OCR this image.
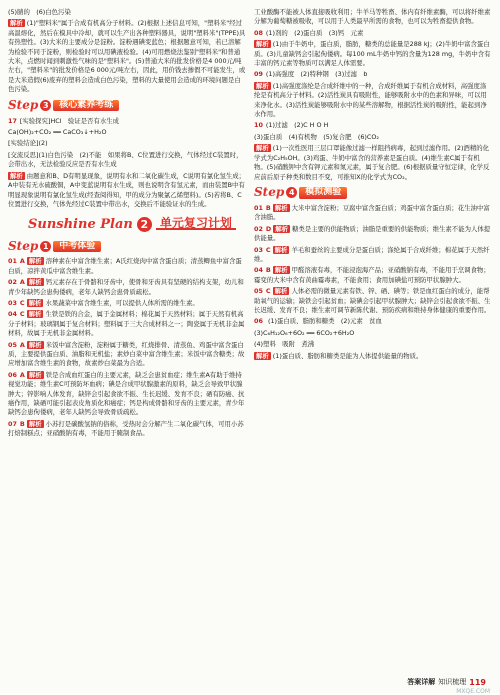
(5)腈的　(6)白色污染

解析 (1)"塑料米"属于合成有机高分子材料。(2)根据上述信息可知，"塑料米"经过高温熔化，然后在模具中冷却，就可以生产出各种塑料器具，说明"塑料米"(TPPE)具有热塑性。(3)大米的主要成分是淀粉。淀粉遇碘变蓝色；根据题意可知，若已溶解为检验不同于淀粉，则检验时可以用碘液检验。(4)可用燃烧法鉴别"塑料米"和普通大米，点燃时闻到刺激性气味的是"塑料米"。(5)普通大米的批发价格是4 000元/吨左右，"塑料米"的批发价格是6 000元/吨左右，因此，用价钱去掺假不可能发生，或是大米造假(6)废弃的塑料会造成白色污染，塑料的大量使用会造成的环境问题是白色污染。

Step 3	核心素养考练

17 [实验探究]HCl　验证是否有水生成

Ca(OH)₂+CO₂ ══ CaCO₃↓+H₂O

[实验结论](2)

[交流反思](1)白色污染　(2)不能　如果将B、C位置进行交换，气体经过C装置时，会带出水，无法检验反应是否有水生成

解析 由题意和B、D有明显现象，说明有水和二氧化碳生成，C说明有氯化氢生成；A中装有无水硫酸铜，A中变蓝说明有水生成，则也说明含有氢元素，而由装置B中有明显现象说明有氯化氢生成(经查阅得知，甲的成分为聚氯乙烯塑料)。(5)若将B、C位置进行交换，气体先经过C装置中带出水，交换后不能验证水的生成。

Sunshine Plan 2 单元复习计划
Step 1	中考体验

01 A 解析 溶种素在中富含维生素；A氏红烧肉中富含蛋白质；清蒸鲫鱼中富含蛋白质，凉拌黄瓜中富含维生素。

02 A 解析 钙元素存在于骨骼和牙齿中，使骨和牙齿具有坚硬的结构支架，幼儿和青少年缺钙会患佝偻病，老年人缺钙会患骨质疏松。

03 C 解析 水果蔬菜中富含维生素，可以提供人体所需的维生素。

04 C 解析 生铁是铁的合金，属于金属材料；棉花属于天然材料；属于天然有机高分子材料；玻璃钢属于复合材料；塑料属于三大合成材料之一；陶瓷属于无机非金属材料，故属于无机非金属材料。

05 A 解析 米饭中富含淀粉，淀粉属于糖类，红烧排骨、清蒸鱼、鸡蛋中富含蛋白质，主要提供蛋白质、油脂和无机盐；素炒白菜中富含维生素；米饭中富含糖类；故应增加富含维生素的食物，故素炒白菜最为合适。

06 A 解析 铁是合成血红蛋白的主要元素，缺乏会患贫血症；维生素A有助于维持视觉功能；维生素C可预防坏血病；碘是合成甲状腺激素的原料，缺乏会导致甲状腺肿大；锌影响人体发育，缺锌会引起食欲不振、生长迟缓、发育不良；硒有防癌、抗癌作用，缺硒可能引起表皮角质化和癌症；钙是构成骨骼和牙齿的主要元素，青少年缺钙会患佝偻病，老年人缺钙会导致骨质疏松。

07 B 解析 小苏打是碳酸氢钠的俗称，受热时会分解产生二氧化碳气体，可用小苏打焙制糕点；亚硝酸钠有毒，不能用于腌制食品。

工业酸酶不能被人体直接吸收利用；牛羊马等牲畜、体内有纤维素酶，可以将纤维素分解为葡萄糖被吸收，可以用于人类最早所需的食物，也可以为牲畜提供食物。

08 (1)剂的　(2)蛋白质　(3)钙　元素

解析 (1)由于牛奶中，蛋白质，脂肪，糖类的总能量是288 kJ；(2)牛奶中富含蛋白质。(3)儿童缺钙会引起佝偻病。每100 mL牛奶中钙的含量为128 mg，牛奶中含有丰富的钙元素等物质可以满足人体需要。

09 (1)高强度　(2)特种钢　(3)过滤　b

解析 (1)高强度涤纶是合成纤维中的一种，合成纤维属于有机合成材料，高强度涤纶是有机高分子材料。(2)活性炭具有吸附性，能够吸附水中的色素和异味，可以用来净化水。(3)活性炭能够吸附水中的某些溶解物，根据活性炭的吸附性，能起到净水作用。

10 (1)过滤　(2)C H O H

(3)蛋白质　(4)有机物　(5)复合肥　(6)CO₂

解析 (1)一次性医用三层口罩能像过滤一样阻挡病毒，起到过滤作用。(2)酒精的化学式为C₂H₅OH。(3)鸡蛋、牛奶中富含的营养素是蛋白质。(4)维生素C属于有机物。(5)硝酸钾中含有钾元素和氮元素，属于复合肥。(6)根据质量守恒定律，化学反应前后原子种类和数目不变，可推知X的化学式为CO₂。

Step 4	模拟测验

01 B 解析 大米中富含淀粉；豆腐中富含蛋白质；鸡蛋中富含蛋白质；花生油中富含油脂。

02 D 解析 糖类是主要的供能物质；油脂是重要的供能物质；维生素不能为人体提供能量。

03 C 解析 羊毛和蚕丝的主要成分是蛋白质；涤纶属于合成纤维；棉花属于天然纤维。

04 B 解析 甲醛溶液有毒，不能浸泡海产品；亚硝酸钠有毒，不能用于烹调食物；霉变的大米中含有黄曲霉毒素，不能食用；食用加碘盐可预防甲状腺肿大。

05 C 解析 人体必需的微量元素有铁、锌、硒、碘等；铁是血红蛋白的成分，能帮助氧气的运输；缺铁会引起贫血；缺碘会引起甲状腺肿大；缺锌会引起食欲不振、生长迟缓、发育不良；维生素可调节新陈代谢、预防疾病和维持身体健康的重要作用。

06 (1)蛋白质、脂肪和糖类　(2)元素　贫血

(3)C₆H₁₂O₆+6O₂ ══ 6CO₂+6H₂O

(4)塑料　吸附　煮沸

解析 (1)蛋白质、脂肪和糖类是能为人体提供能量的物质。

答案详解 知识梳理 119
MXQE.COM
